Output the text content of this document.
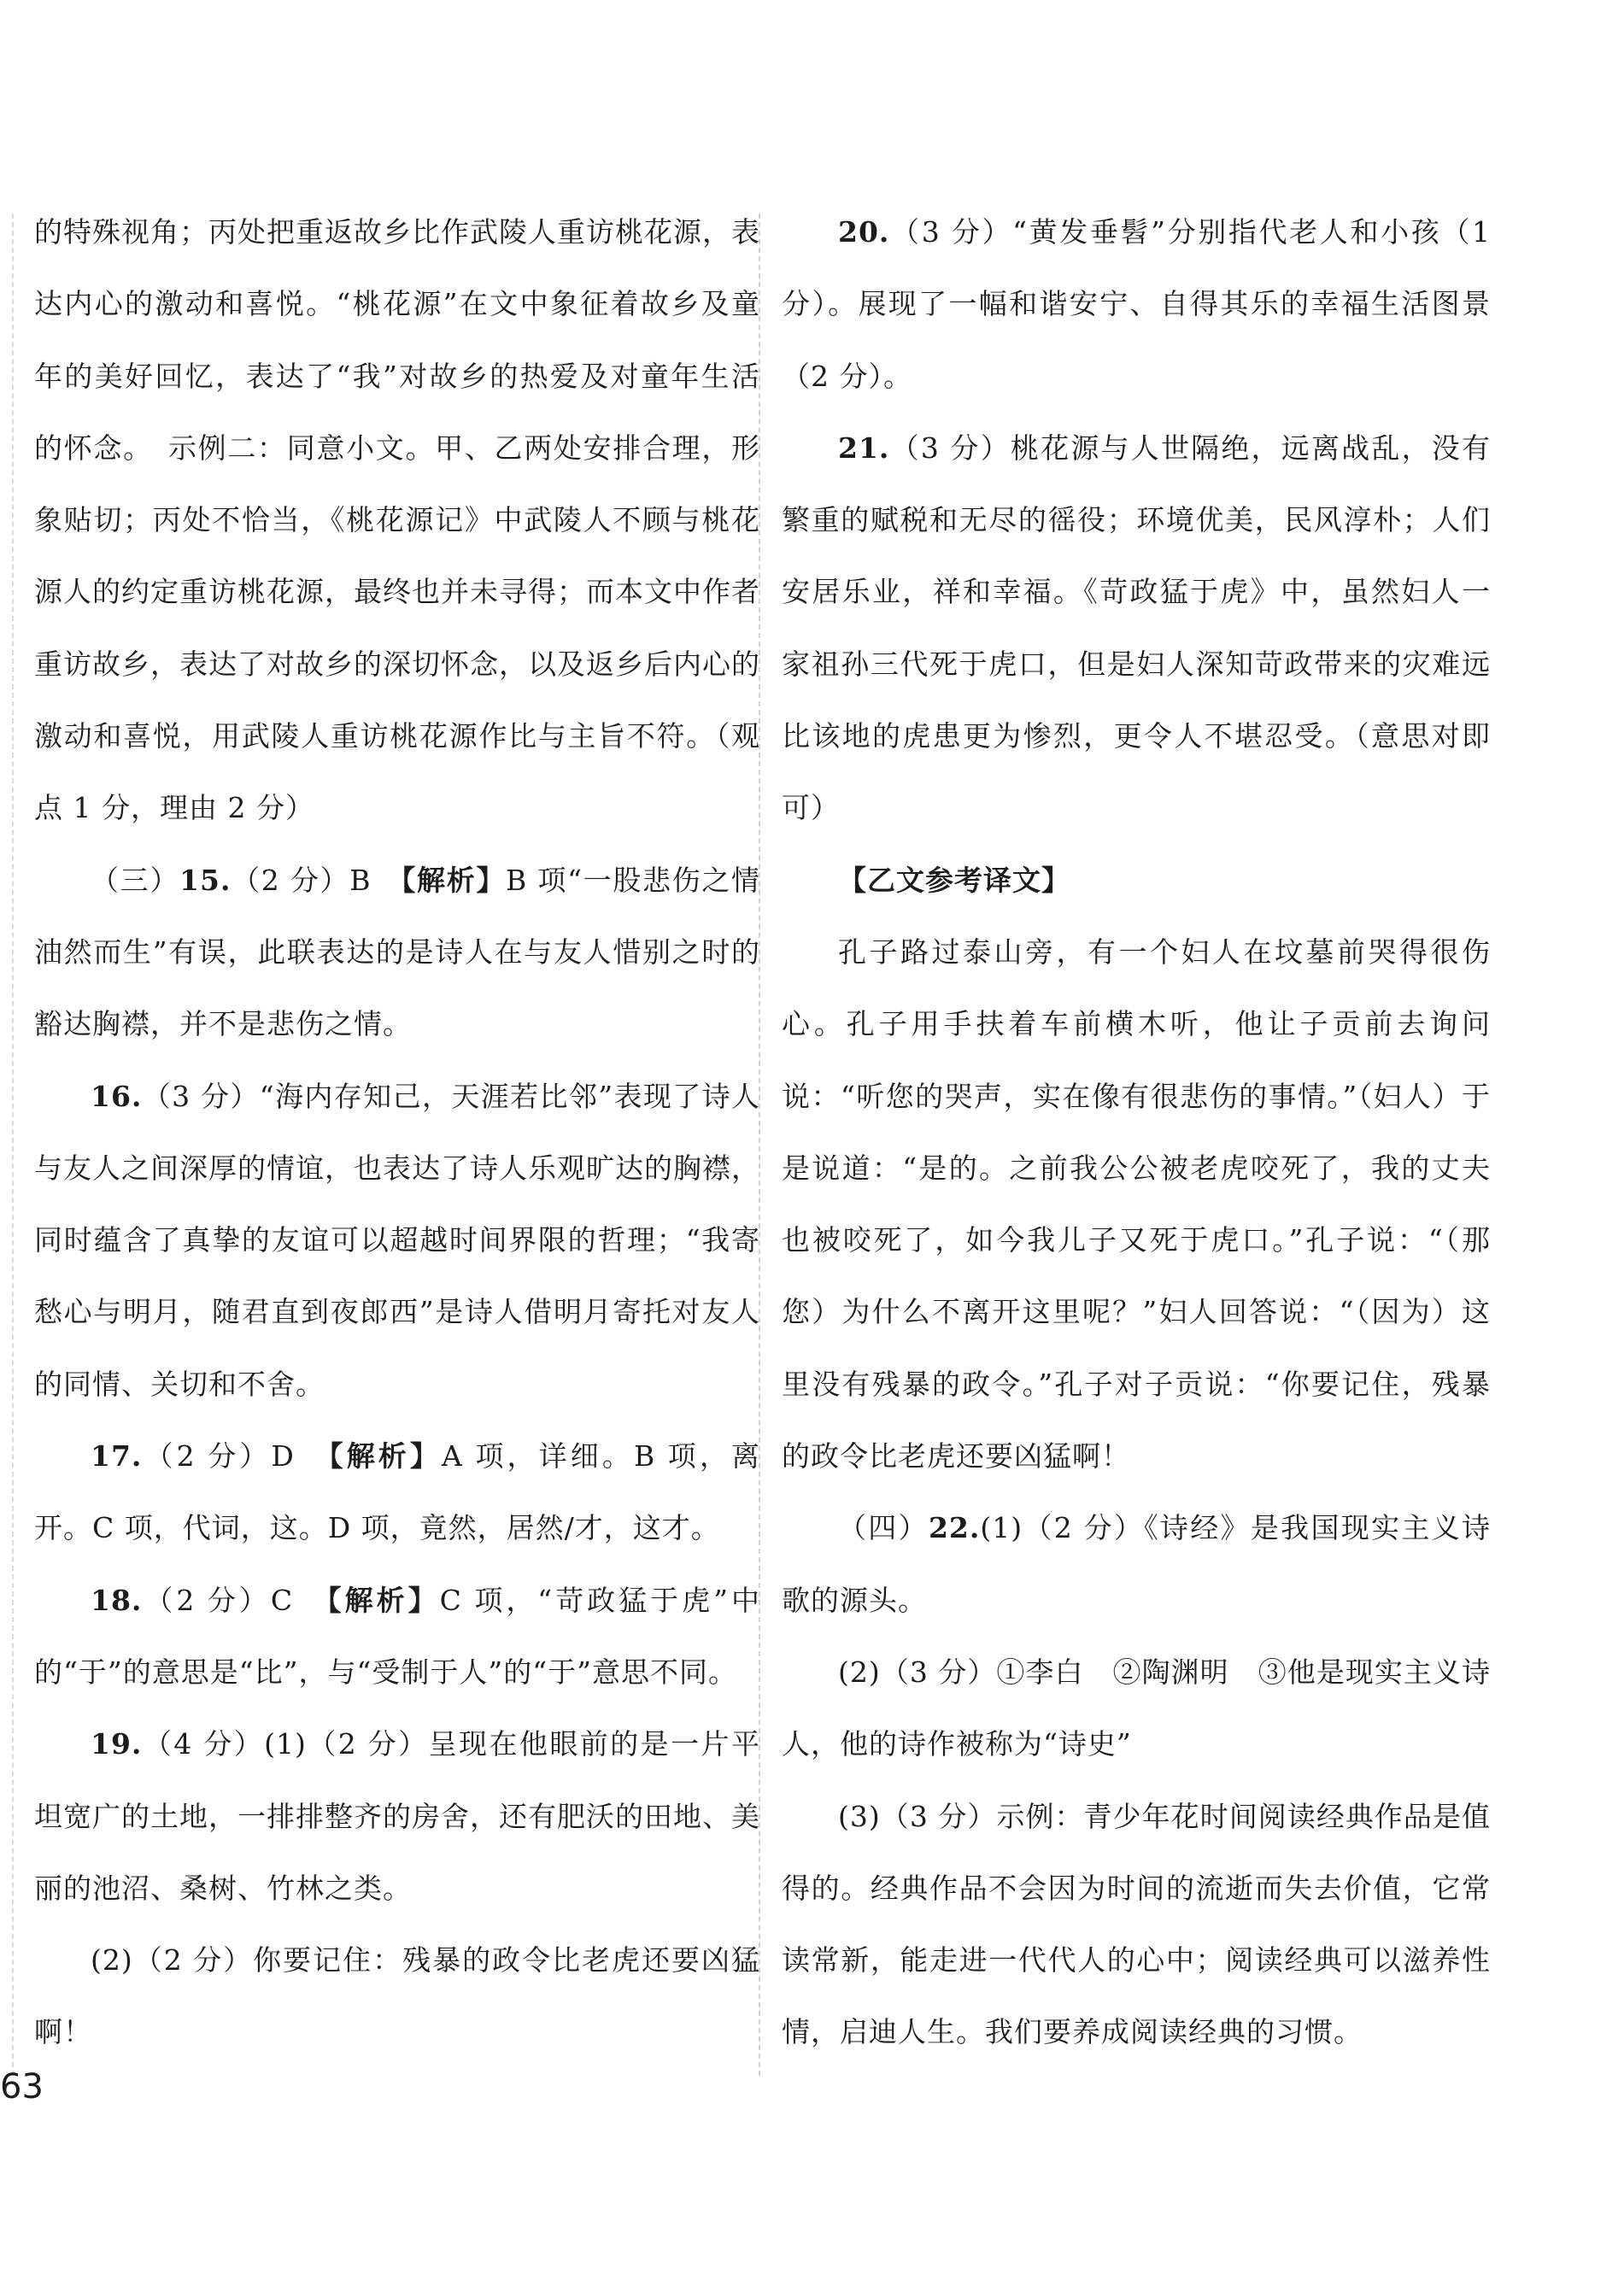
的特殊视角；丙处把重返故乡比作武陵人重访桃花源，表达内心的激动和喜悦。“桃花源”在文中象征着故乡及童年的美好回忆，表达了“我”对故乡的热爱及对童年生活的怀念。　示例二：同意小文。甲、乙两处安排合理，形象贴切；丙处不恰当，《桃花源记》中武陵人不顾与桃花源人的约定重访桃花源，最终也并未寻得；而本文中作者重访故乡，表达了对故乡的深切怀念，以及返乡后内心的激动和喜悦，用武陵人重访桃花源作比与主旨不符。（观点 1 分，理由 2 分）

（三）15.（2 分）B　【解析】B 项“一股悲伤之情油然而生”有误，此联表达的是诗人在与友人惜别之时的豁达胸襟，并不是悲伤之情。

16.（3 分）“海内存知己，天涯若比邻”表现了诗人与友人之间深厚的情谊，也表达了诗人乐观旷达的胸襟，同时蕴含了真挚的友谊可以超越时间界限的哲理；“我寄愁心与明月，随君直到夜郎西”是诗人借明月寄托对友人的同情、关切和不舍。

17.（2 分）D　【解析】A 项，详细。B 项，离开。C 项，代词，这。D 项，竟然，居然/才，这才。

18.（2 分）C　【解析】C 项，“苛政猛于虎”中的“于”的意思是“比”，与“受制于人”的“于”意思不同。

19.（4 分）(1)（2 分）呈现在他眼前的是一片平坦宽广的土地，一排排整齐的房舍，还有肥沃的田地、美丽的池沼、桑树、竹林之类。

(2)（2 分）你要记住：残暴的政令比老虎还要凶猛啊！

20.（3 分）“黄发垂髫”分别指代老人和小孩（1 分）。展现了一幅和谐安宁、自得其乐的幸福生活图景（2 分）。

21.（3 分）桃花源与人世隔绝，远离战乱，没有繁重的赋税和无尽的徭役；环境优美，民风淳朴；人们安居乐业，祥和幸福。《苛政猛于虎》中，虽然妇人一家祖孙三代死于虎口，但是妇人深知苛政带来的灾难远比该地的虎患更为惨烈，更令人不堪忍受。（意思对即可）

【乙文参考译文】

孔子路过泰山旁，有一个妇人在坟墓前哭得很伤心。孔子用手扶着车前横木听，他让子贡前去询问说：“听您的哭声，实在像有很悲伤的事情。”（妇人）于是说道：“是的。之前我公公被老虎咬死了，我的丈夫也被咬死了，如今我儿子又死于虎口。”孔子说：“（那您）为什么不离开这里呢？”妇人回答说：“（因为）这里没有残暴的政令。”孔子对子贡说：“你要记住，残暴的政令比老虎还要凶猛啊！

（四）22.(1)（2 分）《诗经》是我国现实主义诗歌的源头。

(2)（3 分）①李白　②陶渊明　③他是现实主义诗人，他的诗作被称为“诗史”

(3)（3 分）示例：青少年花时间阅读经典作品是值得的。经典作品不会因为时间的流逝而失去价值，它常读常新，能走进一代代人的心中；阅读经典可以滋养性情，启迪人生。我们要养成阅读经典的习惯。

63
